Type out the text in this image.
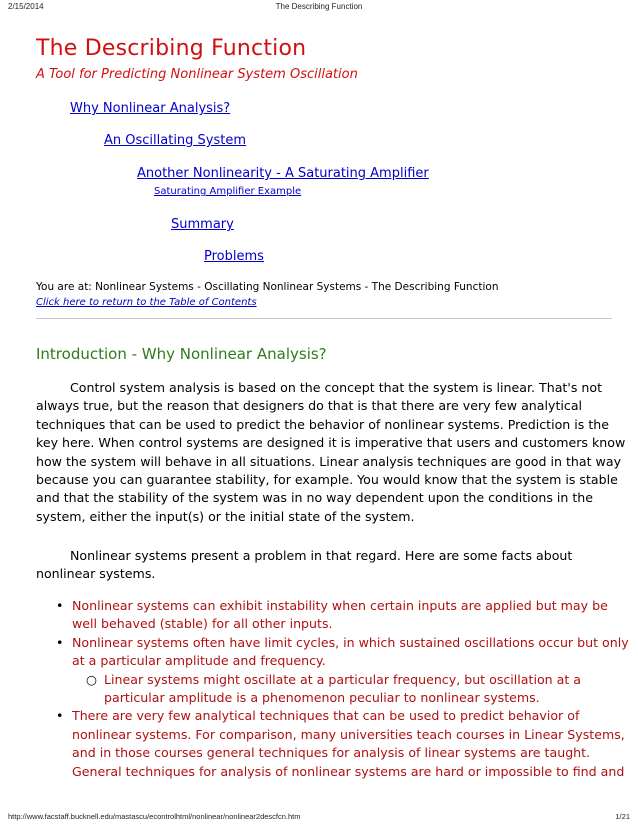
2/15/2014	The Describing Function
The Describing Function
A Tool for Predicting Nonlinear System Oscillation
Why Nonlinear Analysis?
An Oscillating System
Another Nonlinearity - A Saturating Amplifier
Saturating Amplifier Example
Summary
Problems
You are at: Nonlinear Systems - Oscillating Nonlinear Systems - The Describing Function
Click here to return to the Table of Contents
Introduction - Why Nonlinear Analysis?
Control system analysis is based on the concept that the system is linear. That's not
always true, but the reason that designers do that is that there are very few analytical
techniques that can be used to predict the behavior of nonlinear systems. Prediction is the
key here. When control systems are designed it is imperative that users and customers know
how the system will behave in all situations. Linear analysis techniques are good in that way
because you can guarantee stability, for example. You would know that the system is stable
and that the stability of the system was in no way dependent upon the conditions in the
system, either the input(s) or the initial state of the system.
Nonlinear systems present a problem in that regard. Here are some facts about
nonlinear systems.
• Nonlinear systems can exhibit instability when certain inputs are applied but may be
well behaved (stable) for all other inputs.
• Nonlinear systems often have limit cycles, in which sustained oscillations occur but only
at a particular amplitude and frequency.
○ Linear systems might oscillate at a particular frequency, but oscillation at a
particular amplitude is a phenomenon peculiar to nonlinear systems.
• There are very few analytical techniques that can be used to predict behavior of
nonlinear systems. For comparison, many universities teach courses in Linear Systems,
and in those courses general techniques for analysis of linear systems are taught.
General techniques for analysis of nonlinear systems are hard or impossible to find and
http://www.facstaff.bucknell.edu/mastascu/econtrolhtml/nonlinear/nonlinear2descfcn.htm	1/21
